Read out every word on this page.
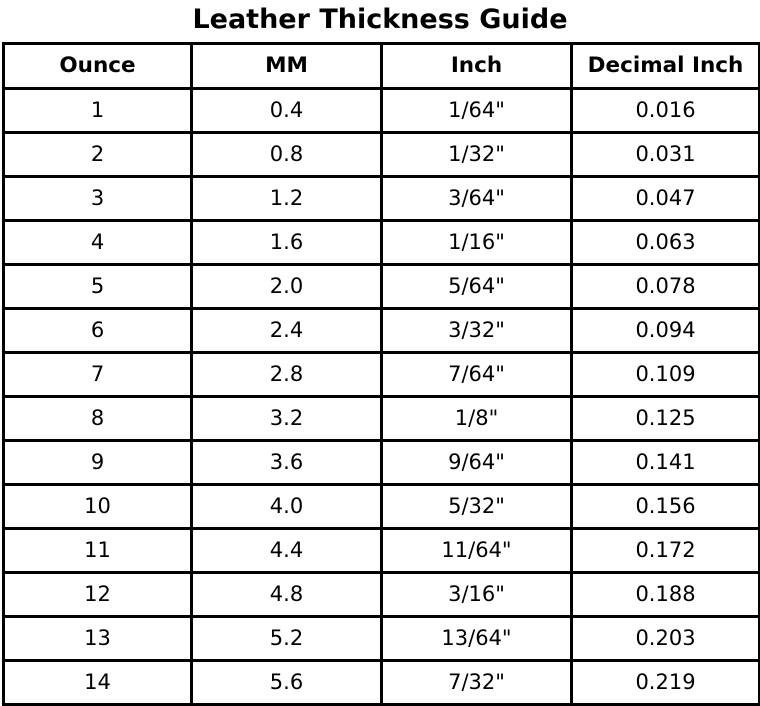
Leather Thickness Guide
Ounce	MM	Inch	Decimal Inch
1	0.4	1/64"	0.016
2	0.8	1/32"	0.031
3	1.2	3/64"	0.047
4	1.6	1/16"	0.063
5	2.0	5/64"	0.078
6	2.4	3/32"	0.094
7	2.8	7/64"	0.109
8	3.2	1/8"	0.125
9	3.6	9/64"	0.141
10	4.0	5/32"	0.156
11	4.4	11/64"	0.172
12	4.8	3/16"	0.188
13	5.2	13/64"	0.203
14	5.6	7/32"	0.219
